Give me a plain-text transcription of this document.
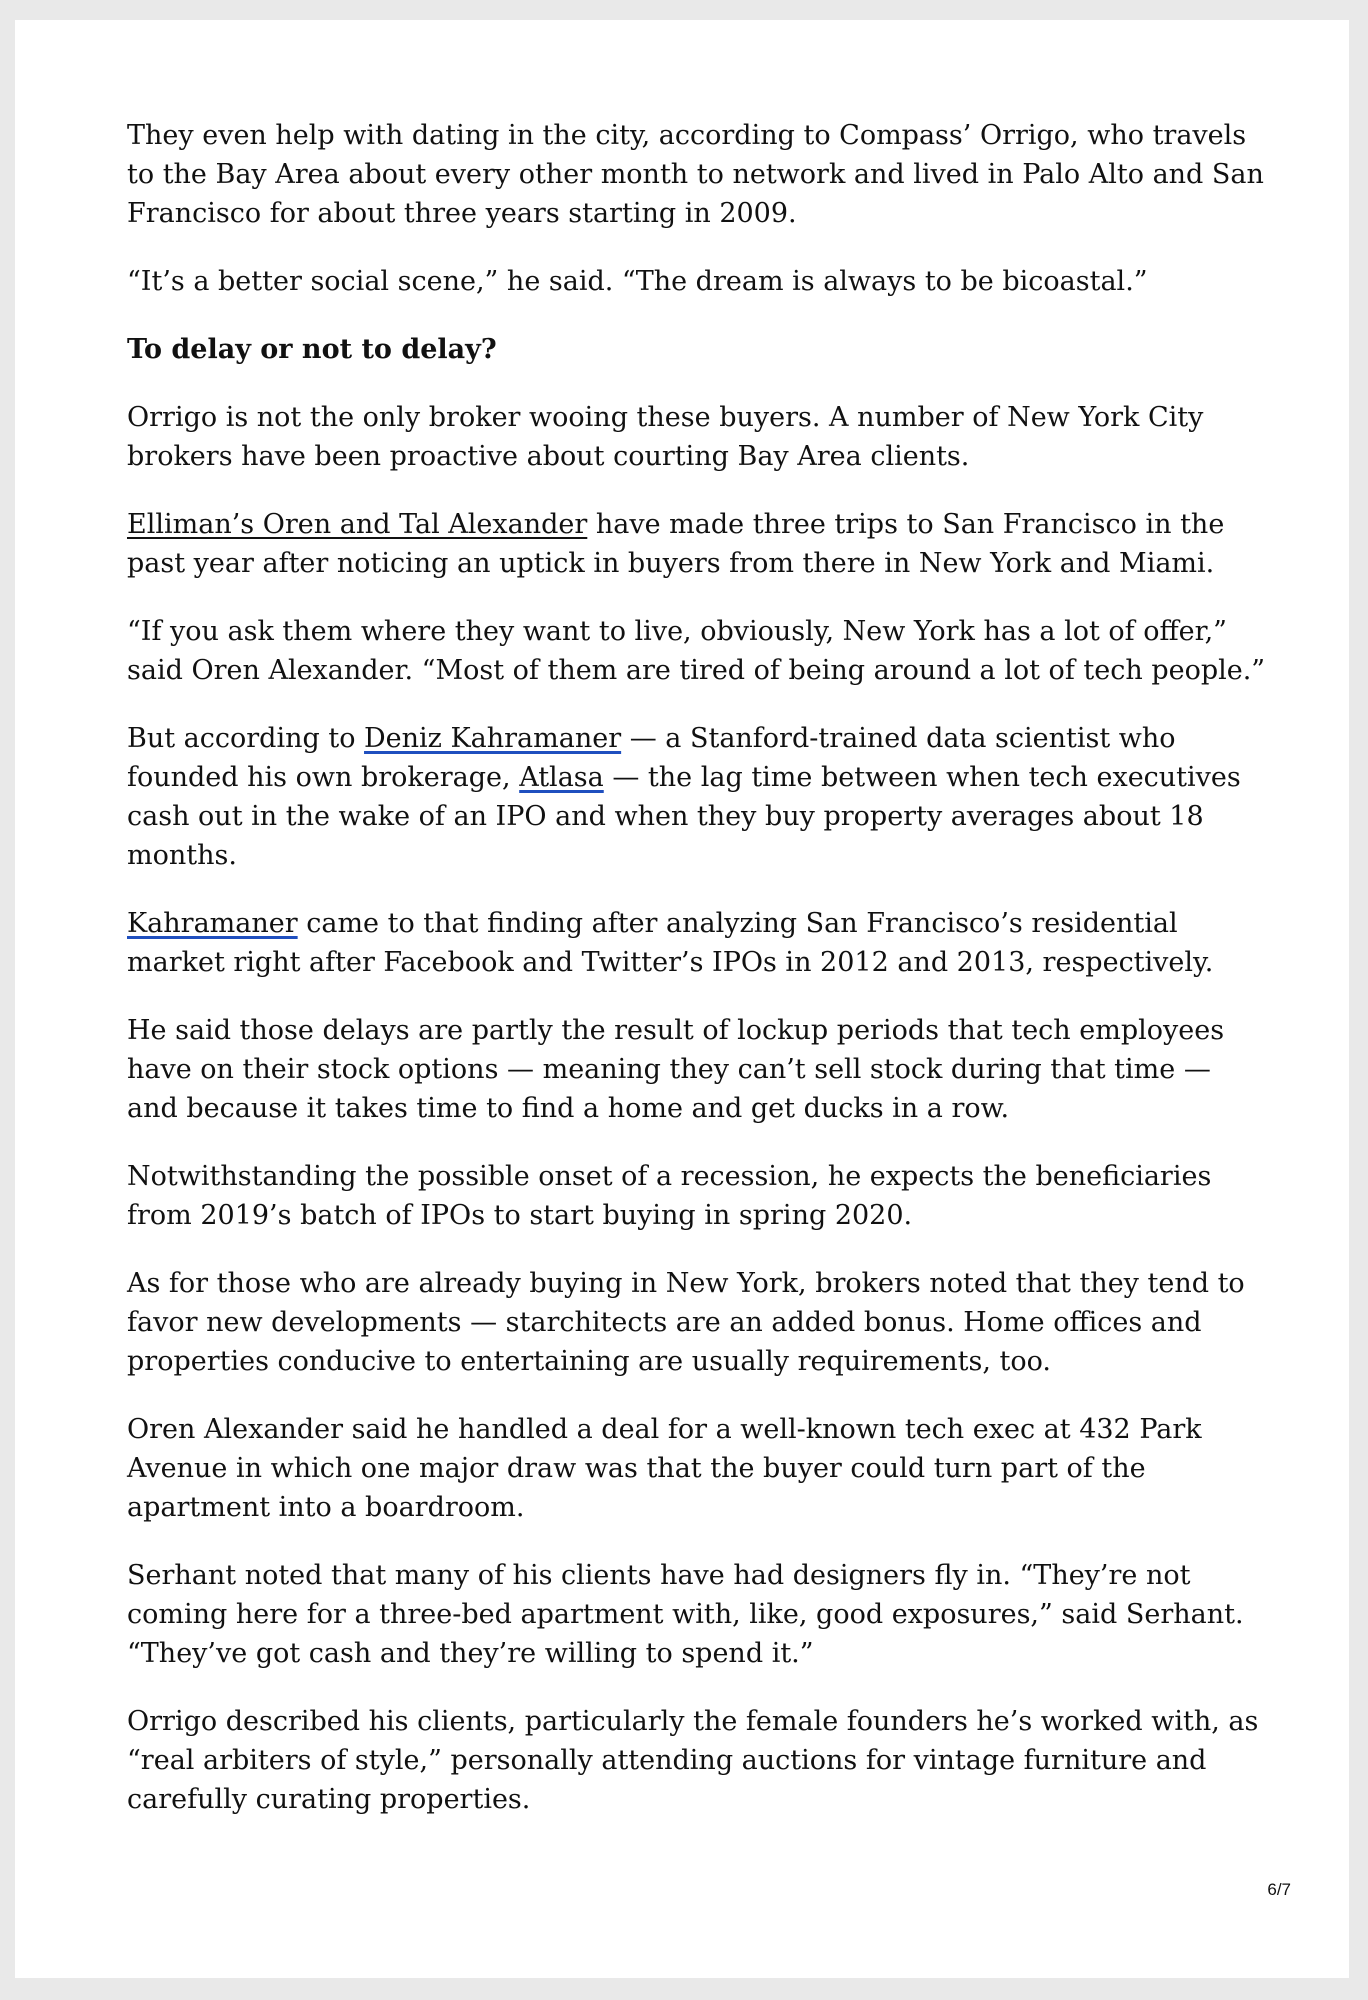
They even help with dating in the city, according to Compass’ Orrigo, who travels to the Bay Area about every other month to network and lived in Palo Alto and San Francisco for about three years starting in 2009.

“It’s a better social scene,” he said. “The dream is always to be bicoastal.”

To delay or not to delay?

Orrigo is not the only broker wooing these buyers. A number of New York City brokers have been proactive about courting Bay Area clients.

Elliman’s Oren and Tal Alexander have made three trips to San Francisco in the past year after noticing an uptick in buyers from there in New York and Miami.

“If you ask them where they want to live, obviously, New York has a lot of offer,” said Oren Alexander. “Most of them are tired of being around a lot of tech people.”

But according to Deniz Kahramaner — a Stanford-trained data scientist who founded his own brokerage, Atlasa — the lag time between when tech executives cash out in the wake of an IPO and when they buy property averages about 18 months.

Kahramaner came to that finding after analyzing San Francisco’s residential market right after Facebook and Twitter’s IPOs in 2012 and 2013, respectively.

He said those delays are partly the result of lockup periods that tech employees have on their stock options — meaning they can’t sell stock during that time — and because it takes time to find a home and get ducks in a row.

Notwithstanding the possible onset of a recession, he expects the beneficiaries from 2019’s batch of IPOs to start buying in spring 2020.

As for those who are already buying in New York, brokers noted that they tend to favor new developments — starchitects are an added bonus. Home offices and properties conducive to entertaining are usually requirements, too.

Oren Alexander said he handled a deal for a well-known tech exec at 432 Park Avenue in which one major draw was that the buyer could turn part of the apartment into a boardroom.

Serhant noted that many of his clients have had designers fly in. “They’re not coming here for a three-bed apartment with, like, good exposures,” said Serhant. “They’ve got cash and they’re willing to spend it.”

Orrigo described his clients, particularly the female founders he’s worked with, as “real arbiters of style,” personally attending auctions for vintage furniture and carefully curating properties.

6/7
